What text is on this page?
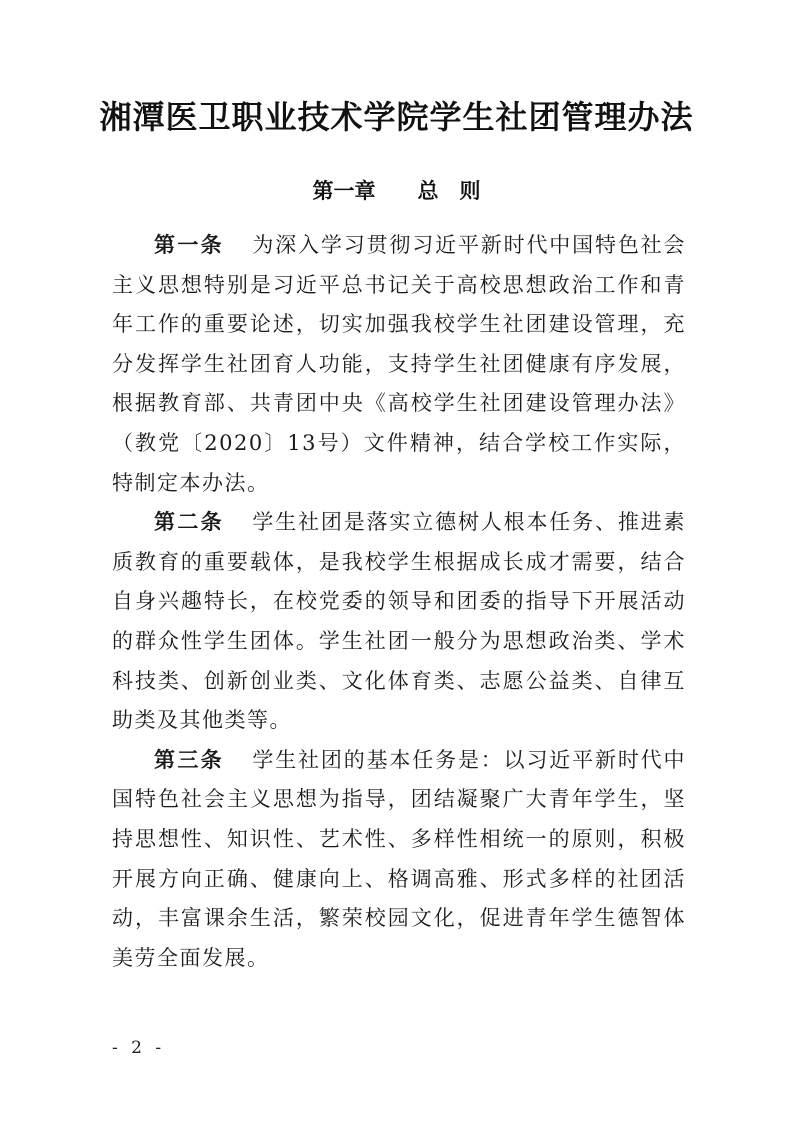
湘潭医卫职业技术学院学生社团管理办法
第一章 总　则

第一条 为深入学习贯彻习近平新时代中国特色社会主义思想特别是习近平总书记关于高校思想政治工作和青年工作的重要论述，切实加强我校学生社团建设管理，充分发挥学生社团育人功能，支持学生社团健康有序发展，根据教育部、共青团中央《高校学生社团建设管理办法》（教党〔2020〕13号）文件精神，结合学校工作实际，特制定本办法。

第二条 学生社团是落实立德树人根本任务、推进素质教育的重要载体，是我校学生根据成长成才需要，结合自身兴趣特长，在校党委的领导和团委的指导下开展活动的群众性学生团体。学生社团一般分为思想政治类、学术科技类、创新创业类、文化体育类、志愿公益类、自律互助类及其他类等。

第三条 学生社团的基本任务是：以习近平新时代中国特色社会主义思想为指导，团结凝聚广大青年学生，坚持思想性、知识性、艺术性、多样性相统一的原则，积极开展方向正确、健康向上、格调高雅、形式多样的社团活动，丰富课余生活，繁荣校园文化，促进青年学生德智体美劳全面发展。

- 2 -
